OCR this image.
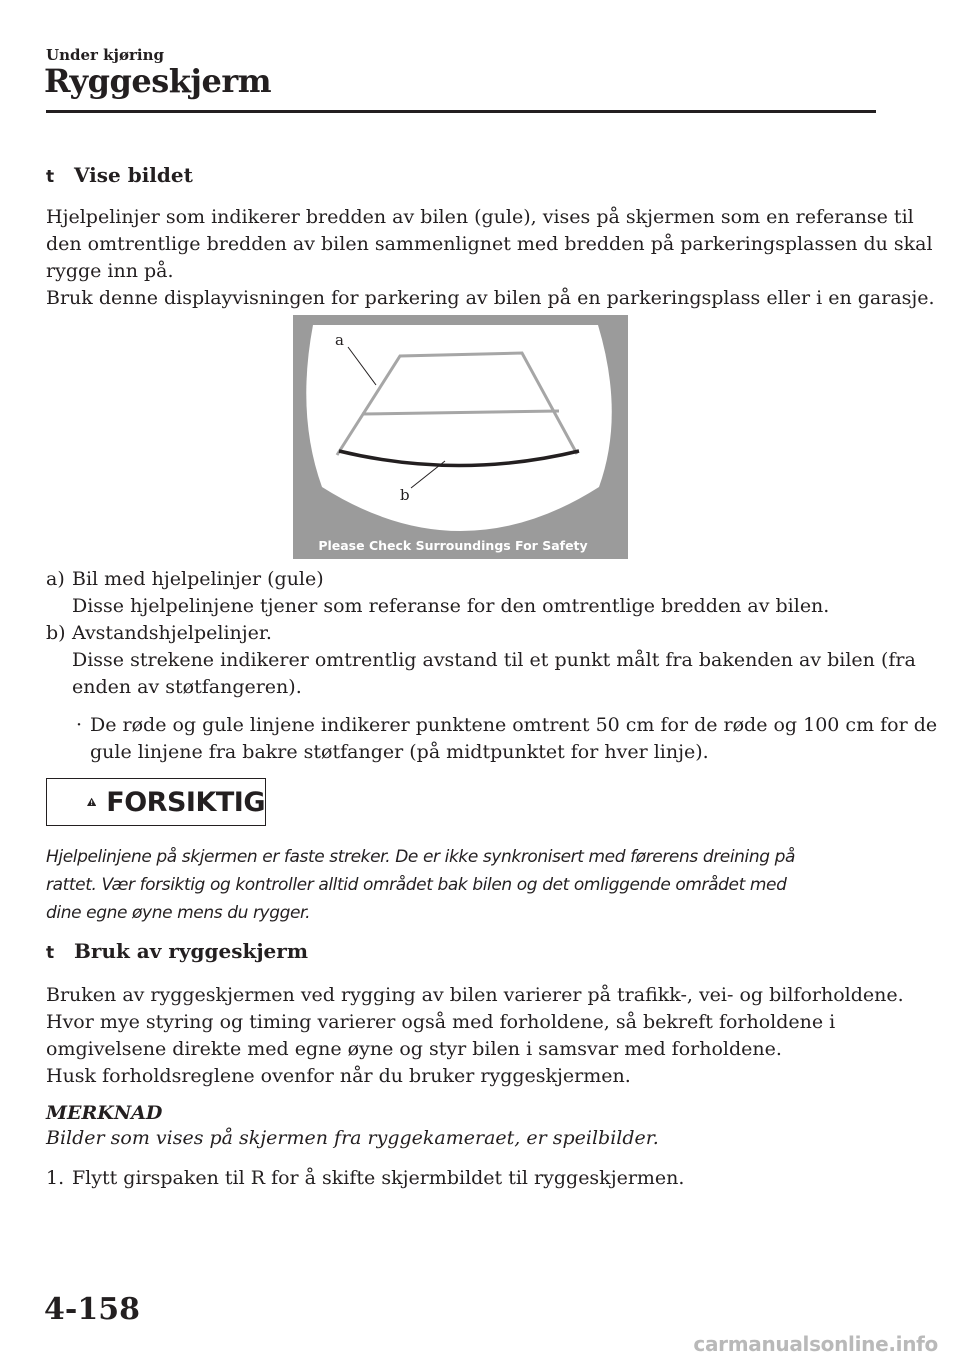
Under kjøring
Ryggeskjerm
t Vise bildet
Hjelpelinjer som indikerer bredden av bilen (gule), vises på skjermen som en referanse til
den omtrentlige bredden av bilen sammenlignet med bredden på parkeringsplassen du skal
rygge inn på.
Bruk denne displayvisningen for parkering av bilen på en parkeringsplass eller i en garasje.
a
b
Please Check Surroundings For Safety
a) Bil med hjelpelinjer (gule)
Disse hjelpelinjene tjener som referanse for den omtrentlige bredden av bilen.
b) Avstandshjelpelinjer.
Disse strekene indikerer omtrentlig avstand til et punkt målt fra bakenden av bilen (fra
enden av støtfangeren).
· De røde og gule linjene indikerer punktene omtrent 50 cm for de røde og 100 cm for de
gule linjene fra bakre støtfanger (på midtpunktet for hver linje).
FORSIKTIG
Hjelpelinjene på skjermen er faste streker. De er ikke synkronisert med førerens dreining på
rattet. Vær forsiktig og kontroller alltid området bak bilen og det omliggende området med
dine egne øyne mens du rygger.
t Bruk av ryggeskjerm
Bruken av ryggeskjermen ved rygging av bilen varierer på trafikk-, vei- og bilforholdene.
Hvor mye styring og timing varierer også med forholdene, så bekreft forholdene i
omgivelsene direkte med egne øyne og styr bilen i samsvar med forholdene.
Husk forholdsreglene ovenfor når du bruker ryggeskjermen.
MERKNAD
Bilder som vises på skjermen fra ryggekameraet, er speilbilder.
1. Flytt girspaken til R for å skifte skjermbildet til ryggeskjermen.
4-158
carmanualsonline.info
